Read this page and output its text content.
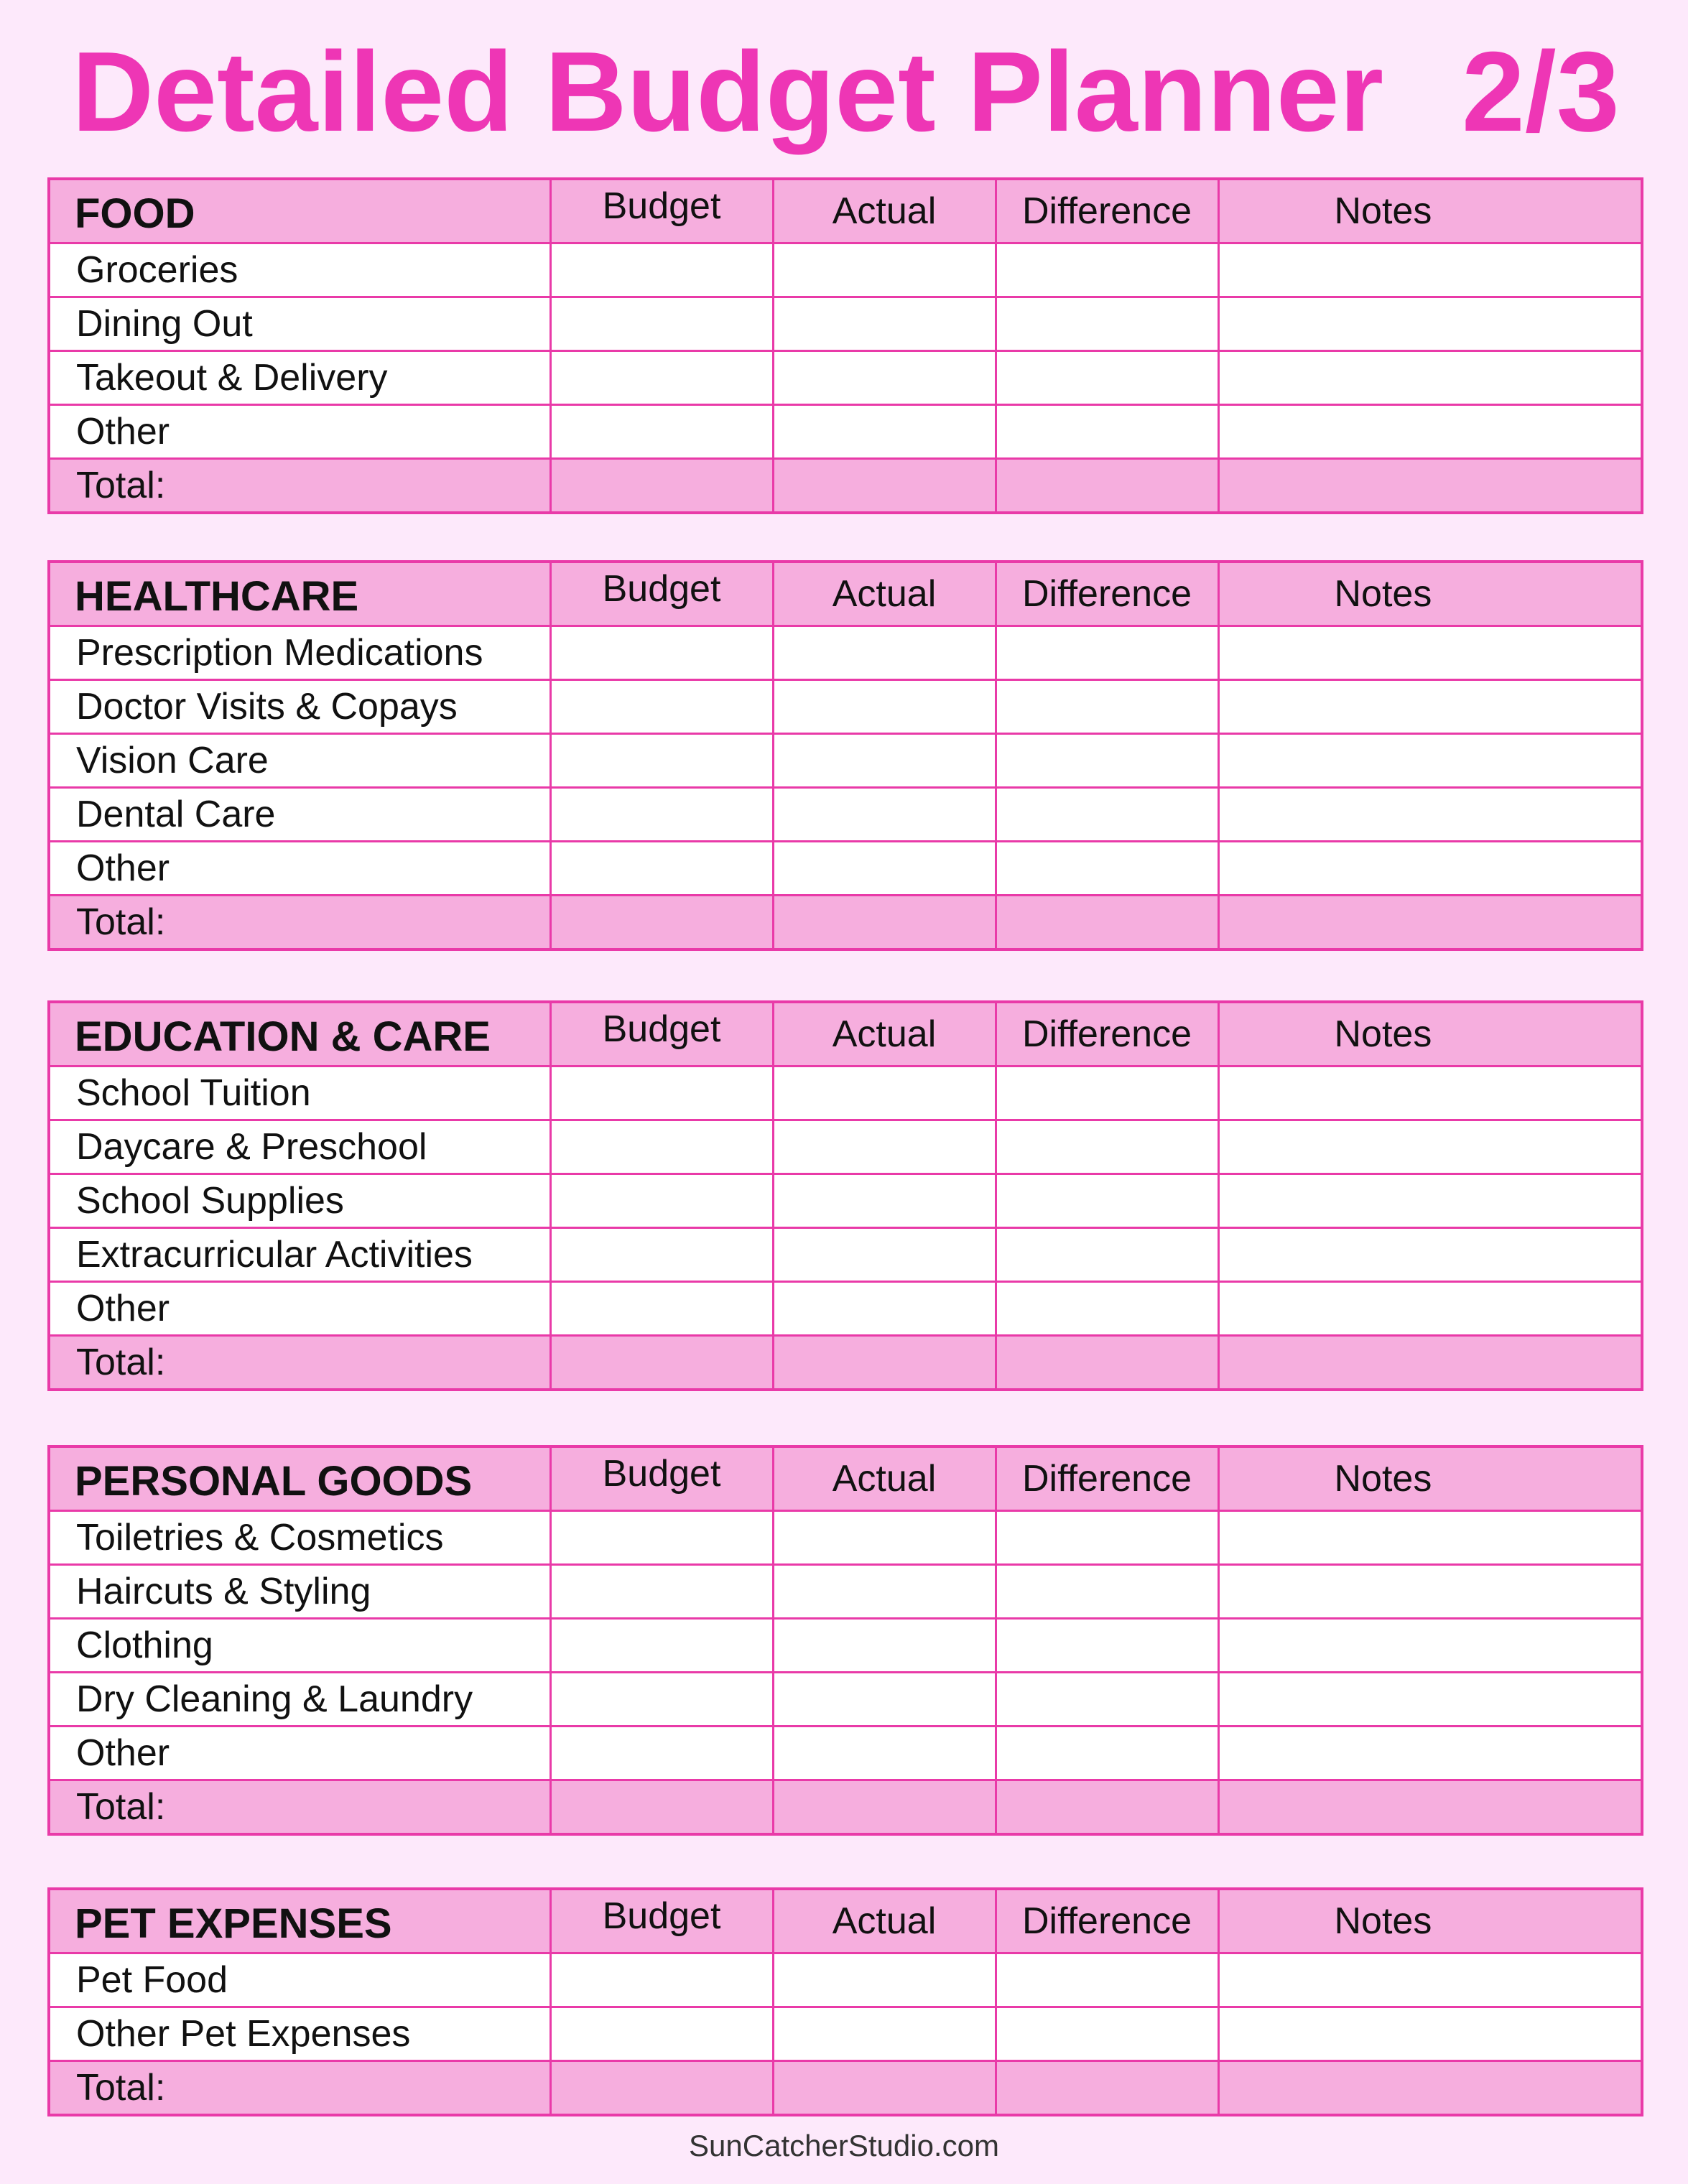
Detailed Budget Planner 2/3
FOOD	Budget	Actual	Difference	Notes
Groceries				
Dining Out				
Takeout & Delivery				
Other				
Total:				
HEALTHCARE	Budget	Actual	Difference	Notes
Prescription Medications				
Doctor Visits & Copays				
Vision Care				
Dental Care				
Other				
Total:				
EDUCATION & CARE	Budget	Actual	Difference	Notes
School Tuition				
Daycare & Preschool				
School Supplies				
Extracurricular Activities				
Other				
Total:				
PERSONAL GOODS	Budget	Actual	Difference	Notes
Toiletries & Cosmetics				
Haircuts & Styling				
Clothing				
Dry Cleaning & Laundry				
Other				
Total:				
PET EXPENSES	Budget	Actual	Difference	Notes
Pet Food				
Other Pet Expenses				
Total:				
SunCatcherStudio.com
